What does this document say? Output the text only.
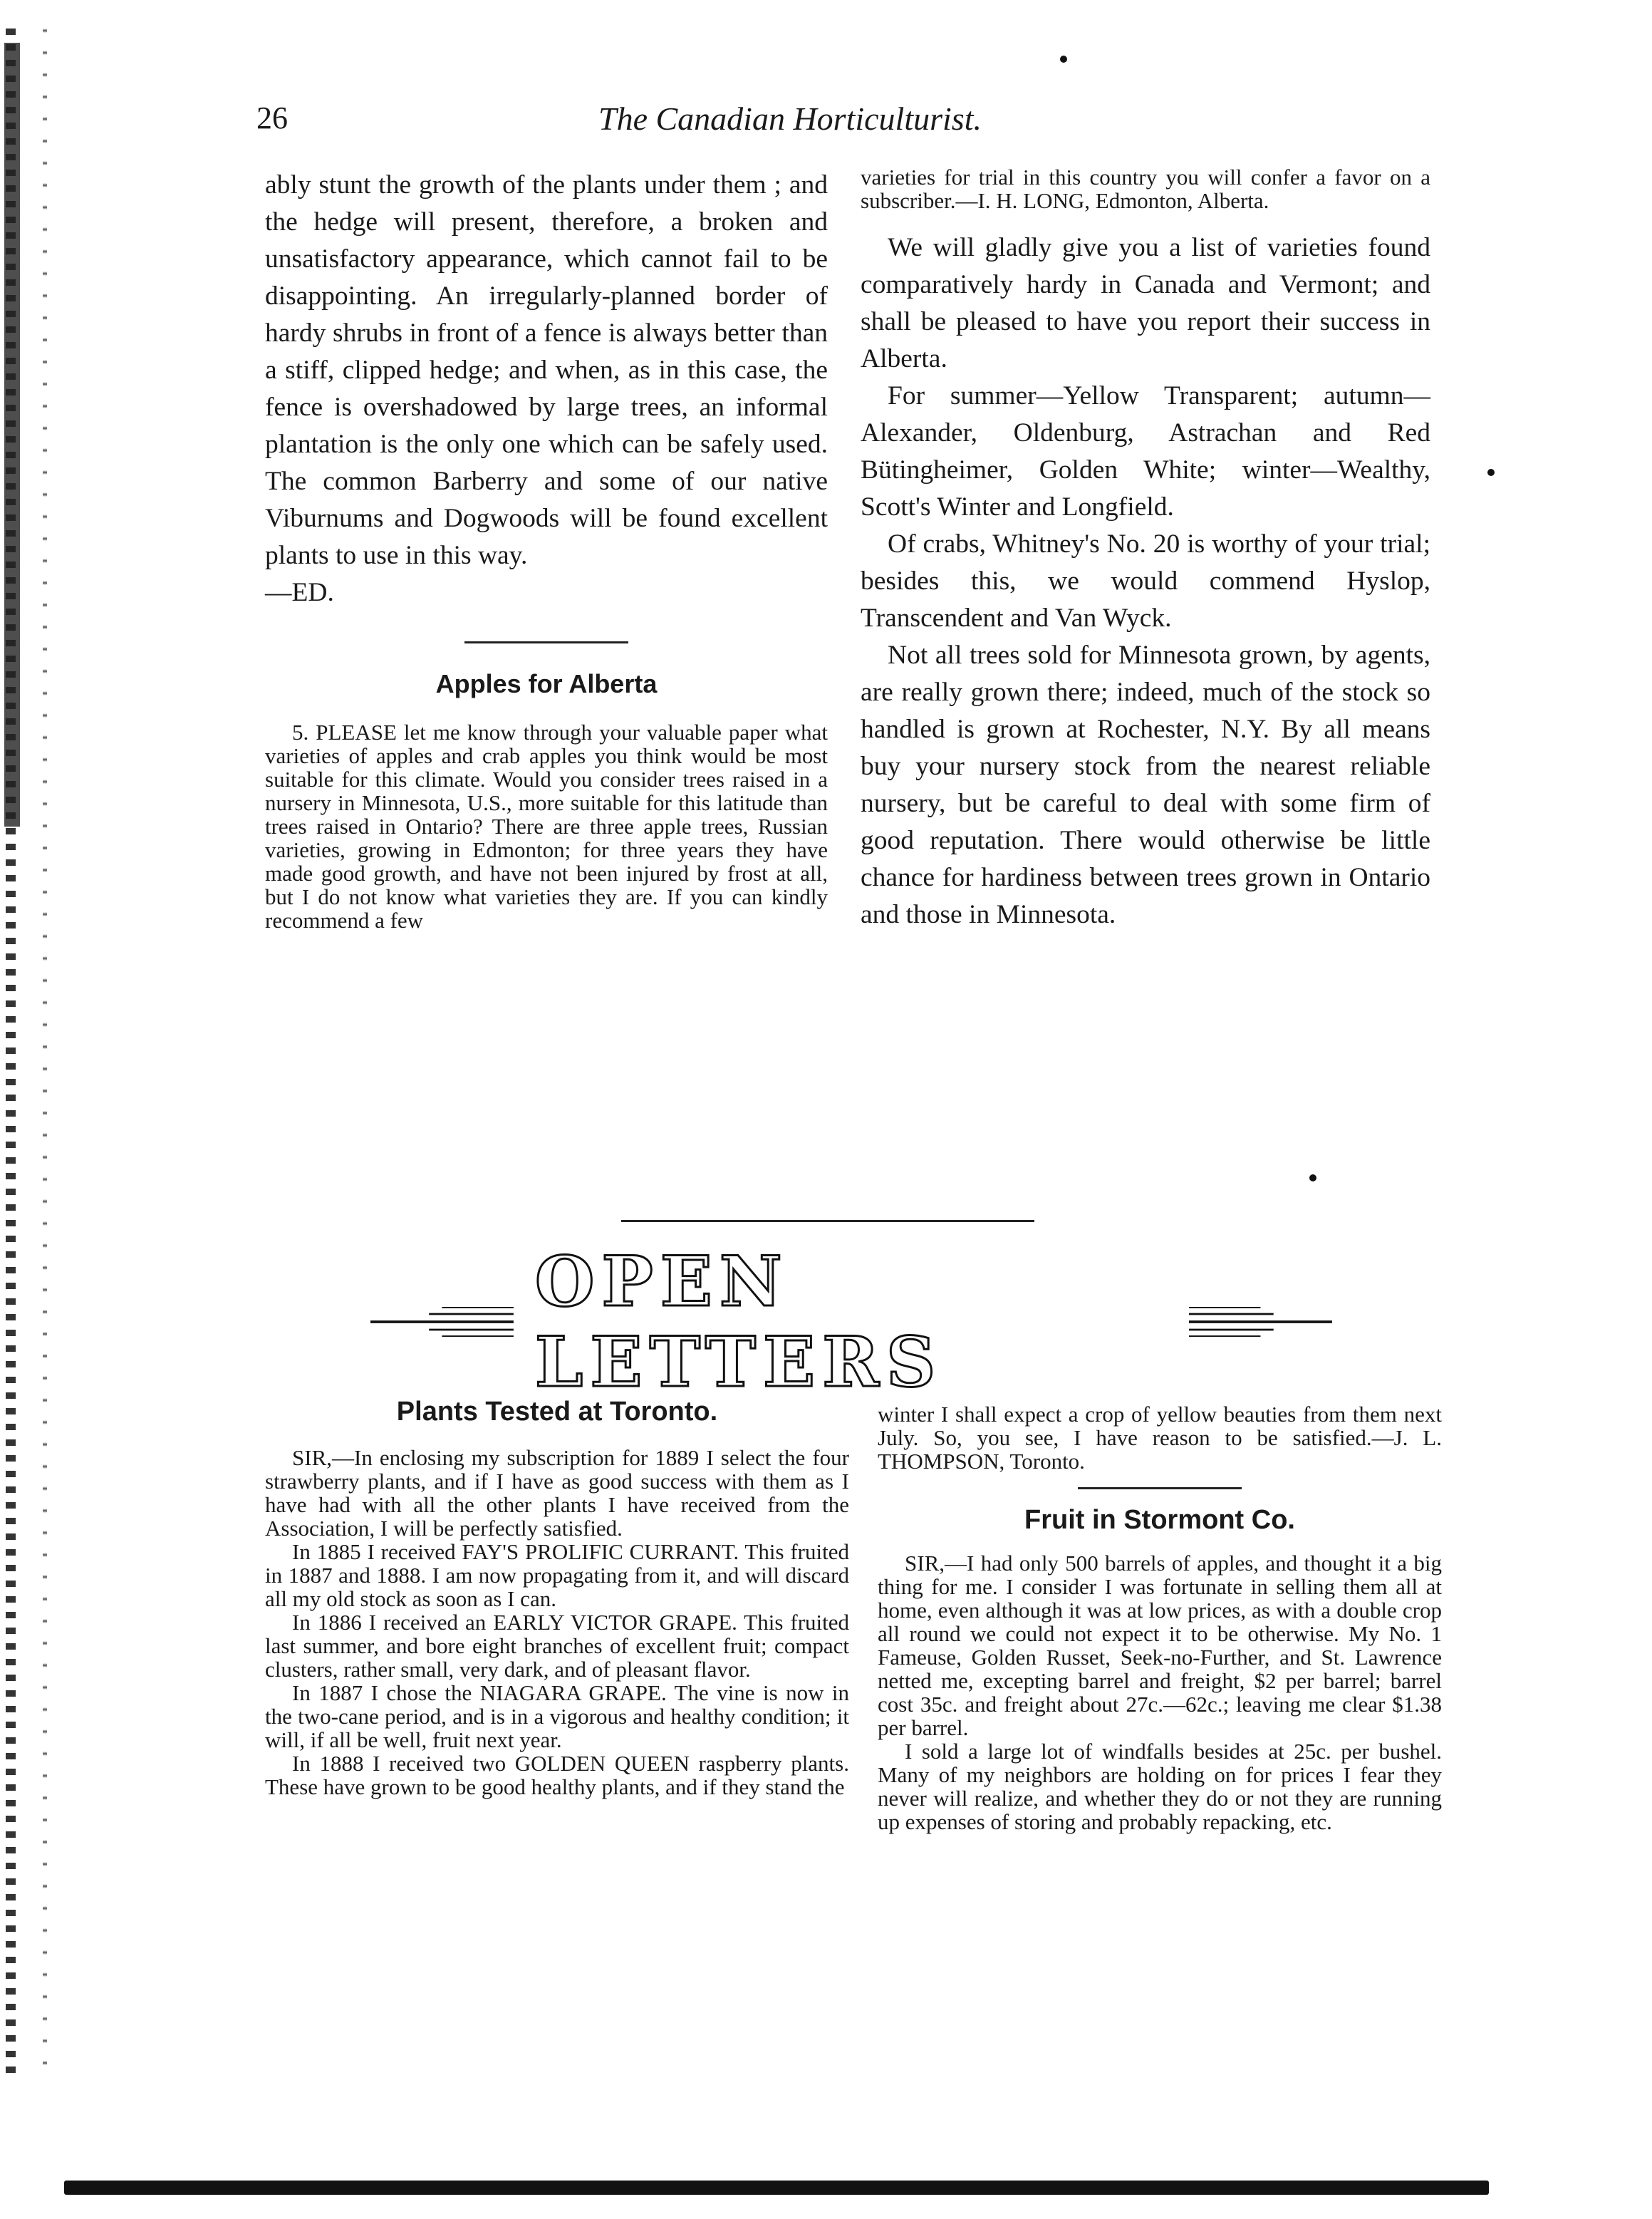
26	The Canadian Horticulturist.

ably stunt the growth of the plants under them ; and the hedge will present, therefore, a broken and unsatisfactory appearance, which cannot fail to be disappointing. An irregularly-planned border of hardy shrubs in front of a fence is always better than a stiff, clipped hedge; and when, as in this case, the fence is overshadowed by large trees, an informal plantation is the only one which can be safely used. The common Barberry and some of our native Viburnums and Dogwoods will be found excellent plants to use in this way.

—ED.

Apples for Alberta

5. PLEASE let me know through your valuable paper what varieties of apples and crab apples you think would be most suitable for this climate. Would you consider trees raised in a nursery in Minnesota, U.S., more suitable for this latitude than trees raised in Ontario? There are three apple trees, Russian varieties, growing in Edmonton; for three years they have made good growth, and have not been injured by frost at all, but I do not know what varieties they are. If you can kindly recommend a few

varieties for trial in this country you will confer a favor on a subscriber.—I. H. LONG, Edmonton, Alberta.

We will gladly give you a list of varieties found comparatively hardy in Canada and Vermont; and shall be pleased to have you report their success in Alberta.

For summer—Yellow Transparent; autumn—Alexander, Oldenburg, Astrachan and Red Bütingheimer, Golden White; winter—Wealthy, Scott's Winter and Longfield.

Of crabs, Whitney's No. 20 is worthy of your trial; besides this, we would commend Hyslop, Transcendent and Van Wyck.

Not all trees sold for Minnesota grown, by agents, are really grown there; indeed, much of the stock so handled is grown at Rochester, N.Y. By all means buy your nursery stock from the nearest reliable nursery, but be careful to deal with some firm of good reputation. There would otherwise be little chance for hardiness between trees grown in Ontario and those in Minnesota.

OPEN LETTERS
Plants Tested at Toronto.

SIR,—In enclosing my subscription for 1889 I select the four strawberry plants, and if I have as good success with them as I have had with all the other plants I have received from the Association, I will be perfectly satisfied.

In 1885 I received FAY'S PROLIFIC CURRANT. This fruited in 1887 and 1888. I am now propagating from it, and will discard all my old stock as soon as I can.

In 1886 I received an EARLY VICTOR GRAPE. This fruited last summer, and bore eight branches of excellent fruit; compact clusters, rather small, very dark, and of pleasant flavor.

In 1887 I chose the NIAGARA GRAPE. The vine is now in the two-cane period, and is in a vigorous and healthy condition; it will, if all be well, fruit next year.

In 1888 I received two GOLDEN QUEEN raspberry plants. These have grown to be good healthy plants, and if they stand the

winter I shall expect a crop of yellow beauties from them next July. So, you see, I have reason to be satisfied.—J. L. THOMPSON, Toronto.

Fruit in Stormont Co.

SIR,—I had only 500 barrels of apples, and thought it a big thing for me. I consider I was fortunate in selling them all at home, even although it was at low prices, as with a double crop all round we could not expect it to be otherwise. My No. 1 Fameuse, Golden Russet, Seek-no-Further, and St. Lawrence netted me, excepting barrel and freight, $2 per barrel; barrel cost 35c. and freight about 27c.—62c.; leaving me clear $1.38 per barrel.

I sold a large lot of windfalls besides at 25c. per bushel. Many of my neighbors are holding on for prices I fear they never will realize, and whether they do or not they are running up expenses of storing and probably repacking, etc.
